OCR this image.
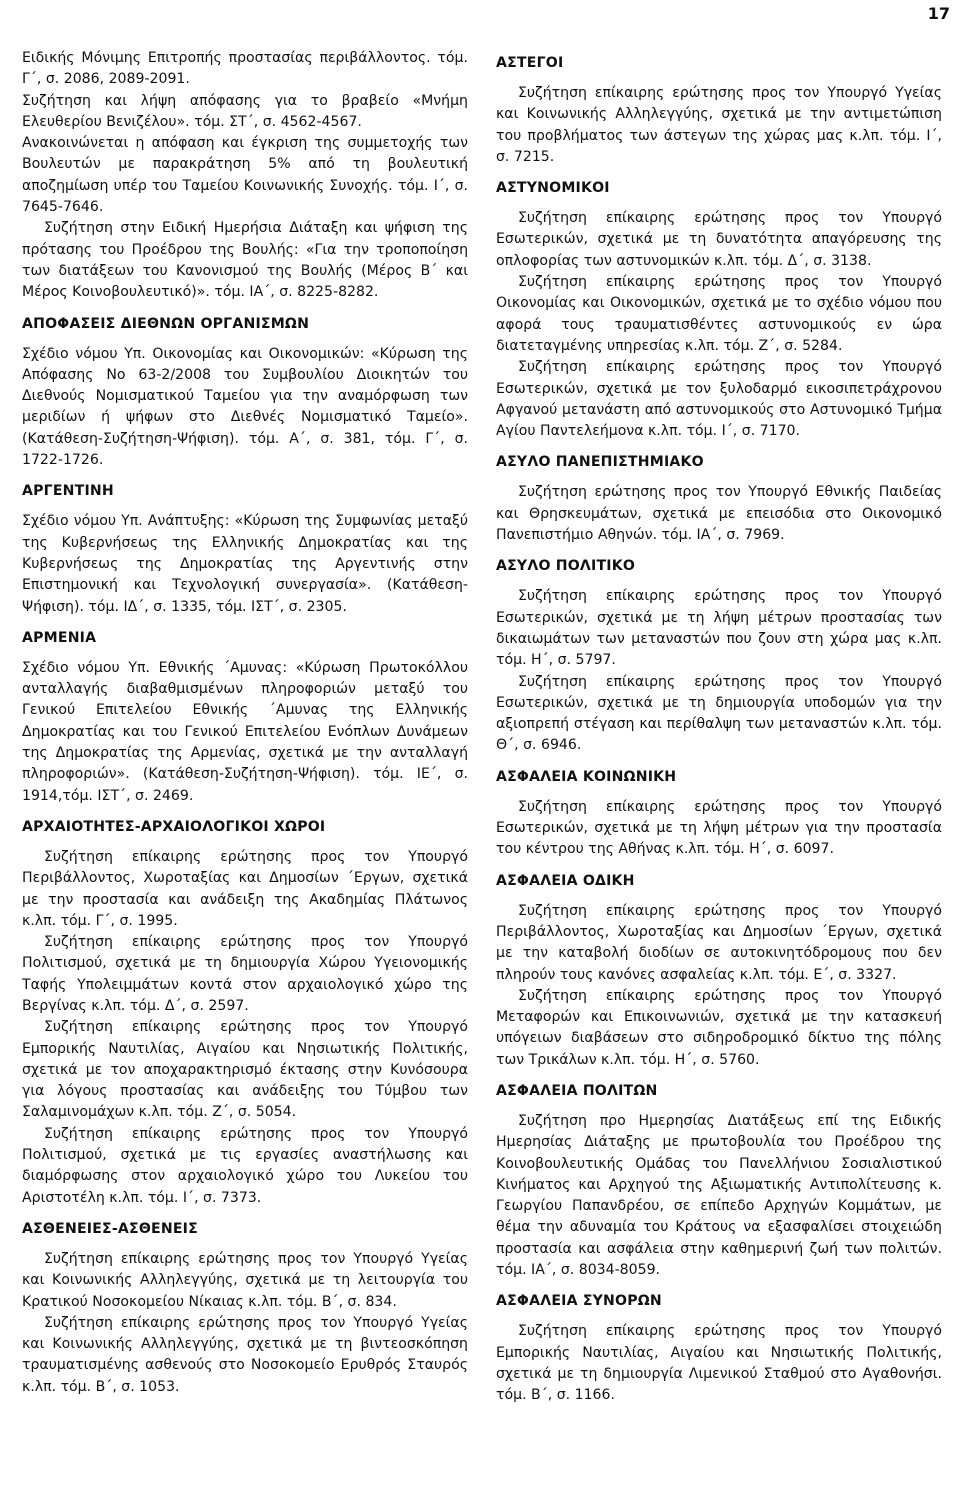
17

Ειδικής Μόνιμης Επιτροπής προστασίας περιβάλλοντος. τόμ. Γ΄, σ. 2086, 2089-2091.

Συζήτηση και λήψη απόφασης για το βραβείο «Μνήμη Ελευθερίου Βενιζέλου». τόμ. ΣΤ΄, σ. 4562-4567.

Ανακοινώνεται η απόφαση και έγκριση της συμμετοχής των Βουλευτών με παρακράτηση 5% από τη βουλευτική αποζημίωση υπέρ του Ταμείου Κοινωνικής Συνοχής. τόμ. Ι΄, σ. 7645-7646.

Συζήτηση στην Ειδική Ημερήσια Διάταξη και ψήφιση της πρότασης του Προέδρου της Βουλής: «Για την τροποποίηση των διατάξεων του Κανονισμού της Βουλής (Μέρος Β΄ και Μέρος Κοινοβουλευτικό)». τόμ. ΙΑ΄, σ. 8225-8282.

ΑΠΟΦΑΣΕΙΣ ΔΙΕΘΝΩΝ ΟΡΓΑΝΙΣΜΩΝ

Σχέδιο νόμου Υπ. Οικονομίας και Οικονομικών: «Κύρωση της Απόφασης Νο 63-2/2008 του Συμβουλίου Διοικητών του Διεθνούς Νομισματικού Ταμείου για την αναμόρφωση των μεριδίων ή ψήφων στο Διεθνές Νομισματικό Ταμείο». (Κατάθεση-Συζήτηση-Ψήφιση). τόμ. Α΄, σ. 381, τόμ. Γ΄, σ. 1722-1726.

ΑΡΓΕΝΤΙΝΗ

Σχέδιο νόμου Υπ. Ανάπτυξης: «Κύρωση της Συμφωνίας μεταξύ της Κυβερνήσεως της Ελληνικής Δημοκρατίας και της Κυβερνήσεως της Δημοκρατίας της Αργεντινής στην Επιστημονική και Τεχνολογική συνεργασία». (Κατάθεση-Ψήφιση). τόμ. ΙΔ΄, σ. 1335, τόμ. ΙΣΤ΄, σ. 2305.

ΑΡΜΕΝΙΑ

Σχέδιο νόμου Υπ. Εθνικής ΄Αμυνας: «Κύρωση Πρωτοκόλλου ανταλλαγής διαβαθμισμένων πληροφοριών μεταξύ του Γενικού Επιτελείου Εθνικής ΄Αμυνας της Ελληνικής Δημοκρατίας και του Γενικού Επιτελείου Ενόπλων Δυνάμεων της Δημοκρατίας της Αρμενίας, σχετικά με την ανταλλαγή πληροφοριών». (Κατάθεση-Συζήτηση-Ψήφιση). τόμ. ΙΕ΄, σ. 1914,τόμ. ΙΣΤ΄, σ. 2469.

ΑΡΧΑΙΟΤΗΤΕΣ-ΑΡΧΑΙΟΛΟΓΙΚΟΙ ΧΩΡΟΙ

Συζήτηση επίκαιρης ερώτησης προς τον Υπουργό Περιβάλλοντος, Χωροταξίας και Δημοσίων ΄Εργων, σχετικά με την προστασία και ανάδειξη της Ακαδημίας Πλάτωνος κ.λπ. τόμ. Γ΄, σ. 1995.

Συζήτηση επίκαιρης ερώτησης προς τον Υπουργό Πολιτισμού, σχετικά με τη δημιουργία Χώρου Υγειονομικής Ταφής Υπολειμμάτων κοντά στον αρχαιολογικό χώρο της Βεργίνας κ.λπ. τόμ. Δ΄, σ. 2597.

Συζήτηση επίκαιρης ερώτησης προς τον Υπουργό Εμπορικής Ναυτιλίας, Αιγαίου και Νησιωτικής Πολιτικής, σχετικά με τον αποχαρακτηρισμό έκτασης στην Κυνόσουρα για λόγους προστασίας και ανάδειξης του Τύμβου των Σαλαμινομάχων κ.λπ. τόμ. Ζ΄, σ. 5054.

Συζήτηση επίκαιρης ερώτησης προς τον Υπουργό Πολιτισμού, σχετικά με τις εργασίες αναστήλωσης και διαμόρφωσης στον αρχαιολογικό χώρο του Λυκείου του Αριστοτέλη κ.λπ. τόμ. Ι΄, σ. 7373.

ΑΣΘΕΝΕΙΕΣ-ΑΣΘΕΝΕΙΣ

Συζήτηση επίκαιρης ερώτησης προς τον Υπουργό Υγείας και Κοινωνικής Αλληλεγγύης, σχετικά με τη λειτουργία του Κρατικού Νοσοκομείου Νίκαιας κ.λπ. τόμ. Β΄, σ. 834.

Συζήτηση επίκαιρης ερώτησης προς τον Υπουργό Υγείας και Κοινωνικής Αλληλεγγύης, σχετικά με τη βιντεοσκόπηση τραυματισμένης ασθενούς στο Νοσοκομείο Ερυθρός Σταυρός κ.λπ. τόμ. Β΄, σ. 1053.

ΑΣΤΕΓΟΙ

Συζήτηση επίκαιρης ερώτησης προς τον Υπουργό Υγείας και Κοινωνικής Αλληλεγγύης, σχετικά με την αντιμετώπιση του προβλήματος των άστεγων της χώρας μας κ.λπ. τόμ. Ι΄, σ. 7215.

ΑΣΤΥΝΟΜΙΚΟΙ

Συζήτηση επίκαιρης ερώτησης προς τον Υπουργό Εσωτερικών, σχετικά με τη δυνατότητα απαγόρευσης της οπλοφορίας των αστυνομικών κ.λπ. τόμ. Δ΄, σ. 3138.

Συζήτηση επίκαιρης ερώτησης προς τον Υπουργό Οικονομίας και Οικονομικών, σχετικά με το σχέδιο νόμου που αφορά τους τραυματισθέντες αστυνομικούς εν ώρα διατεταγμένης υπηρεσίας κ.λπ. τόμ. Ζ΄, σ. 5284.

Συζήτηση επίκαιρης ερώτησης προς τον Υπουργό Εσωτερικών, σχετικά με τον ξυλοδαρμό εικοσιπετράχρονου Αφγανού μετανάστη από αστυνομικούς στο Αστυνομικό Τμήμα Αγίου Παντελεήμονα κ.λπ. τόμ. Ι΄, σ. 7170.

ΑΣΥΛΟ ΠΑΝΕΠΙΣΤΗΜΙΑΚΟ

Συζήτηση ερώτησης προς τον Υπουργό Εθνικής Παιδείας και Θρησκευμάτων, σχετικά με επεισόδια στο Οικονομικό Πανεπιστήμιο Αθηνών. τόμ. ΙΑ΄, σ. 7969.

ΑΣΥΛΟ ΠΟΛΙΤΙΚΟ

Συζήτηση επίκαιρης ερώτησης προς τον Υπουργό Εσωτερικών, σχετικά με τη λήψη μέτρων προστασίας των δικαιωμάτων των μεταναστών που ζουν στη χώρα μας κ.λπ. τόμ. Η΄, σ. 5797.

Συζήτηση επίκαιρης ερώτησης προς τον Υπουργό Εσωτερικών, σχετικά με τη δημιουργία υποδομών για την αξιοπρεπή στέγαση και περίθαλψη των μεταναστών κ.λπ. τόμ. Θ΄, σ. 6946.

ΑΣΦΑΛΕΙΑ ΚΟΙΝΩΝΙΚΗ

Συζήτηση επίκαιρης ερώτησης προς τον Υπουργό Εσωτερικών, σχετικά με τη λήψη μέτρων για την προστασία του κέντρου της Αθήνας κ.λπ. τόμ. Η΄, σ. 6097.

ΑΣΦΑΛΕΙΑ ΟΔΙΚΗ

Συζήτηση επίκαιρης ερώτησης προς τον Υπουργό Περιβάλλοντος, Χωροταξίας και Δημοσίων ΄Εργων, σχετικά με την καταβολή διοδίων σε αυτοκινητόδρομους που δεν πληρούν τους κανόνες ασφαλείας κ.λπ. τόμ. Ε΄, σ. 3327.

Συζήτηση επίκαιρης ερώτησης προς τον Υπουργό Μεταφορών και Επικοινωνιών, σχετικά με την κατασκευή υπόγειων διαβάσεων στο σιδηροδρομικό δίκτυο της πόλης των Τρικάλων κ.λπ. τόμ. Η΄, σ. 5760.

ΑΣΦΑΛΕΙΑ ΠΟΛΙΤΩΝ

Συζήτηση προ Ημερησίας Διατάξεως επί της Ειδικής Ημερησίας Διάταξης με πρωτοβουλία του Προέδρου της Κοινοβουλευτικής Ομάδας του Πανελλήνιου Σοσιαλιστικού Κινήματος και Αρχηγού της Αξιωματικής Αντιπολίτευσης κ. Γεωργίου Παπανδρέου, σε επίπεδο Αρχηγών Κομμάτων, με θέμα την αδυναμία του Κράτους να εξασφαλίσει στοιχειώδη προστασία και ασφάλεια στην καθημερινή ζωή των πολιτών. τόμ. ΙΑ΄, σ. 8034-8059.

ΑΣΦΑΛΕΙΑ ΣΥΝΟΡΩΝ

Συζήτηση επίκαιρης ερώτησης προς τον Υπουργό Εμπορικής Ναυτιλίας, Αιγαίου και Νησιωτικής Πολιτικής, σχετικά με τη δημιουργία Λιμενικού Σταθμού στο Αγαθονήσι. τόμ. Β΄, σ. 1166.
